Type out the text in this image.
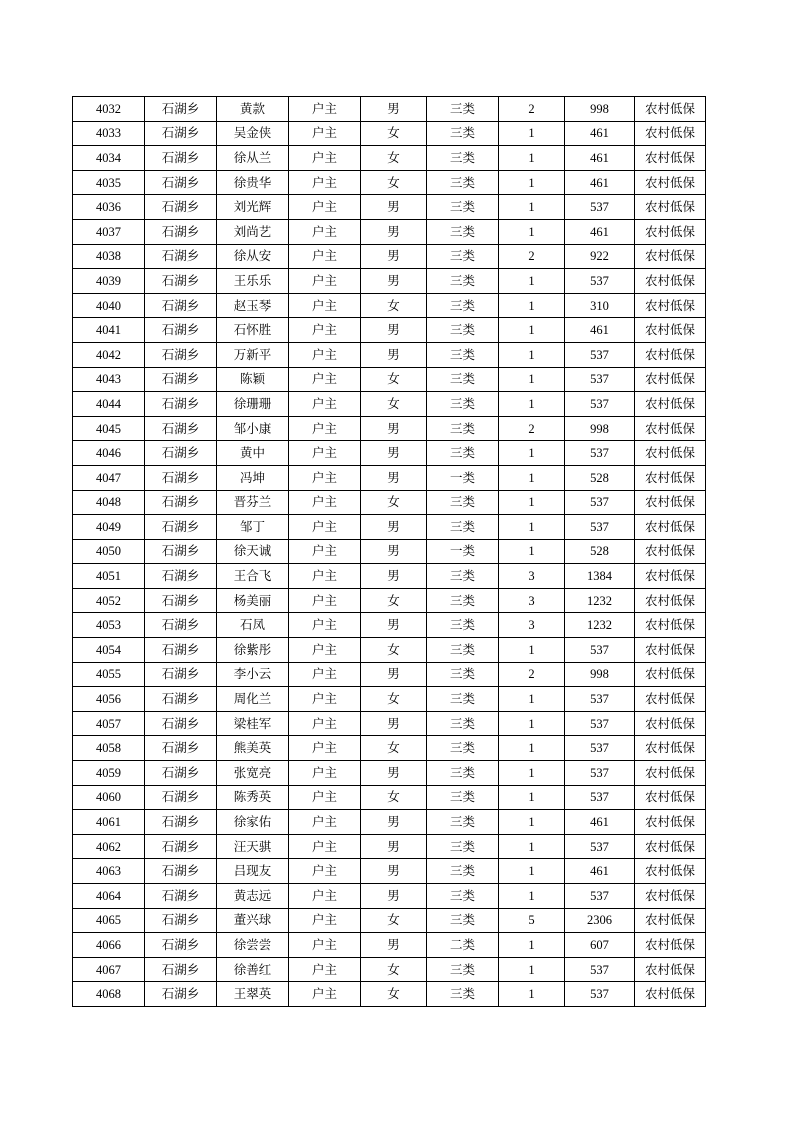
4032	石湖乡	黄款	户主	男	三类	2	998	农村低保
4033	石湖乡	吴金侠	户主	女	三类	1	461	农村低保
4034	石湖乡	徐从兰	户主	女	三类	1	461	农村低保
4035	石湖乡	徐贵华	户主	女	三类	1	461	农村低保
4036	石湖乡	刘光辉	户主	男	三类	1	537	农村低保
4037	石湖乡	刘尚艺	户主	男	三类	1	461	农村低保
4038	石湖乡	徐从安	户主	男	三类	2	922	农村低保
4039	石湖乡	王乐乐	户主	男	三类	1	537	农村低保
4040	石湖乡	赵玉琴	户主	女	三类	1	310	农村低保
4041	石湖乡	石怀胜	户主	男	三类	1	461	农村低保
4042	石湖乡	万新平	户主	男	三类	1	537	农村低保
4043	石湖乡	陈颖	户主	女	三类	1	537	农村低保
4044	石湖乡	徐珊珊	户主	女	三类	1	537	农村低保
4045	石湖乡	邹小康	户主	男	三类	2	998	农村低保
4046	石湖乡	黄中	户主	男	三类	1	537	农村低保
4047	石湖乡	冯坤	户主	男	一类	1	528	农村低保
4048	石湖乡	晋芬兰	户主	女	三类	1	537	农村低保
4049	石湖乡	邹丁	户主	男	三类	1	537	农村低保
4050	石湖乡	徐天诚	户主	男	一类	1	528	农村低保
4051	石湖乡	王合飞	户主	男	三类	3	1384	农村低保
4052	石湖乡	杨美丽	户主	女	三类	3	1232	农村低保
4053	石湖乡	石凤	户主	男	三类	3	1232	农村低保
4054	石湖乡	徐紫彤	户主	女	三类	1	537	农村低保
4055	石湖乡	李小云	户主	男	三类	2	998	农村低保
4056	石湖乡	周化兰	户主	女	三类	1	537	农村低保
4057	石湖乡	梁桂军	户主	男	三类	1	537	农村低保
4058	石湖乡	熊美英	户主	女	三类	1	537	农村低保
4059	石湖乡	张宽亮	户主	男	三类	1	537	农村低保
4060	石湖乡	陈秀英	户主	女	三类	1	537	农村低保
4061	石湖乡	徐家佑	户主	男	三类	1	461	农村低保
4062	石湖乡	汪天骐	户主	男	三类	1	537	农村低保
4063	石湖乡	吕现友	户主	男	三类	1	461	农村低保
4064	石湖乡	黄志远	户主	男	三类	1	537	农村低保
4065	石湖乡	董兴球	户主	女	三类	5	2306	农村低保
4066	石湖乡	徐尝尝	户主	男	二类	1	607	农村低保
4067	石湖乡	徐善红	户主	女	三类	1	537	农村低保
4068	石湖乡	王翠英	户主	女	三类	1	537	农村低保
